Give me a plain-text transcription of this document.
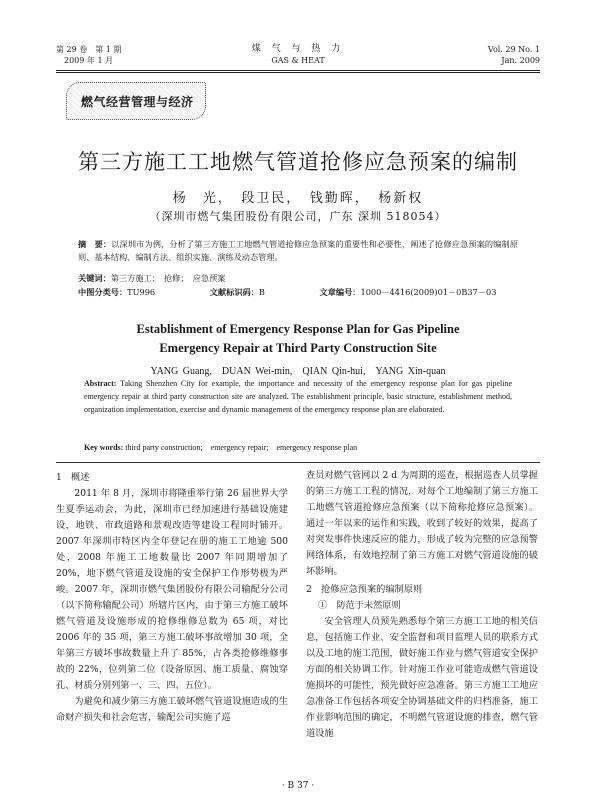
第 29 卷　第 1 期
2009 年 1 月
煤 气 与 热 力
GAS & HEAT
Vol. 29 No. 1
Jan. 2009
燃气经营管理与经济
第三方施工工地燃气管道抢修应急预案的编制
杨　光，　段卫民，　钱勤晖，　杨新权
（深圳市燃气集团股份有限公司，广东 深圳 518054）
摘　要：以深圳市为例，分析了第三方施工工地燃气管道抢修应急预案的重要性和必要性，阐述了抢修应急预案的编制原则、基本结构、编制方法、组织实施、演练及动态管理。
关键词：第三方施工；　抢修；　应急预案
中图分类号：TU996	文献标识码：B	文章编号：1000－4416(2009)01－0B37－03
Establishment of Emergency Response Plan for Gas Pipeline
Emergency Repair at Third Party Construction Site
YANG Guang,　DUAN Wei-min,　QIAN Qin-hui,　YANG Xin-quan
Abstract: Taking Shenzhen City for example, the importance and necessity of the emergency response plan for gas pipeline emergency repair at third party construction site are analyzed. The establishment principle, basic structure, establishment method, organization implementation, exercise and dynamic management of the emergency response plan are elaborated.
Key words: third party construction;　emergency repair;　emergency response plan
1　概述

2011 年 8 月，深圳市将隆重举行第 26 届世界大学生夏季运动会，为此，深圳市已经加速进行基础设施建设，地铁、市政道路和景观改造等建设工程同时铺开。2007 年深圳市特区内全年登记在册的施工工地逾 500 处，2008 年施工工地数量比 2007 年同期增加了 20%，地下燃气管道及设施的安全保护工作形势极为严峻。2007 年，深圳市燃气集团股份有限公司输配分公司（以下简称输配公司）所辖片区内，由于第三方施工破坏燃气管道及设施形成的抢修维修总数为 65 项，对比 2006 年的 35 项，第三方施工破坏事故增加 30 项，全年第三方破坏事故数量上升了 85%，占各类抢修维修事故的 22%，位列第二位（设备原因、施工质量、腐蚀穿孔、材质分别列第一、三、四、五位）。

为避免和减少第三方施工破坏燃气管道设施造成的生命财产损失和社会危害，输配公司实施了巡

查员对燃气管网以 2 d 为周期的巡查，根据巡查人员掌握的第三方施工工程的情况，对每个工地编制了第三方施工工地燃气管道抢修应急预案（以下简称抢修应急预案）。通过一年以来的运作和实践，收到了较好的效果，提高了对突发事件快速反应的能力，形成了较为完整的应急预警网络体系，有效地控制了第三方施工对燃气管道设施的破坏影响。

2　抢修应急预案的编制原则
①　防范于未然原则

安全管理人员预先熟悉每个第三方施工工地的相关信息，包括施工作业、安全监督和项目监理人员的联系方式以及工地的施工范围，做好施工作业与燃气管道安全保护方面的相关协调工作。针对施工作业可能造成燃气管道设施损坏的可能性，预先做好应急准备。第三方施工工地应急准备工作包括各项安全协调基础文件的归档准备，施工作业影响范围的确定，不明燃气管道设施的排查，燃气管道设施

· B 37 ·
